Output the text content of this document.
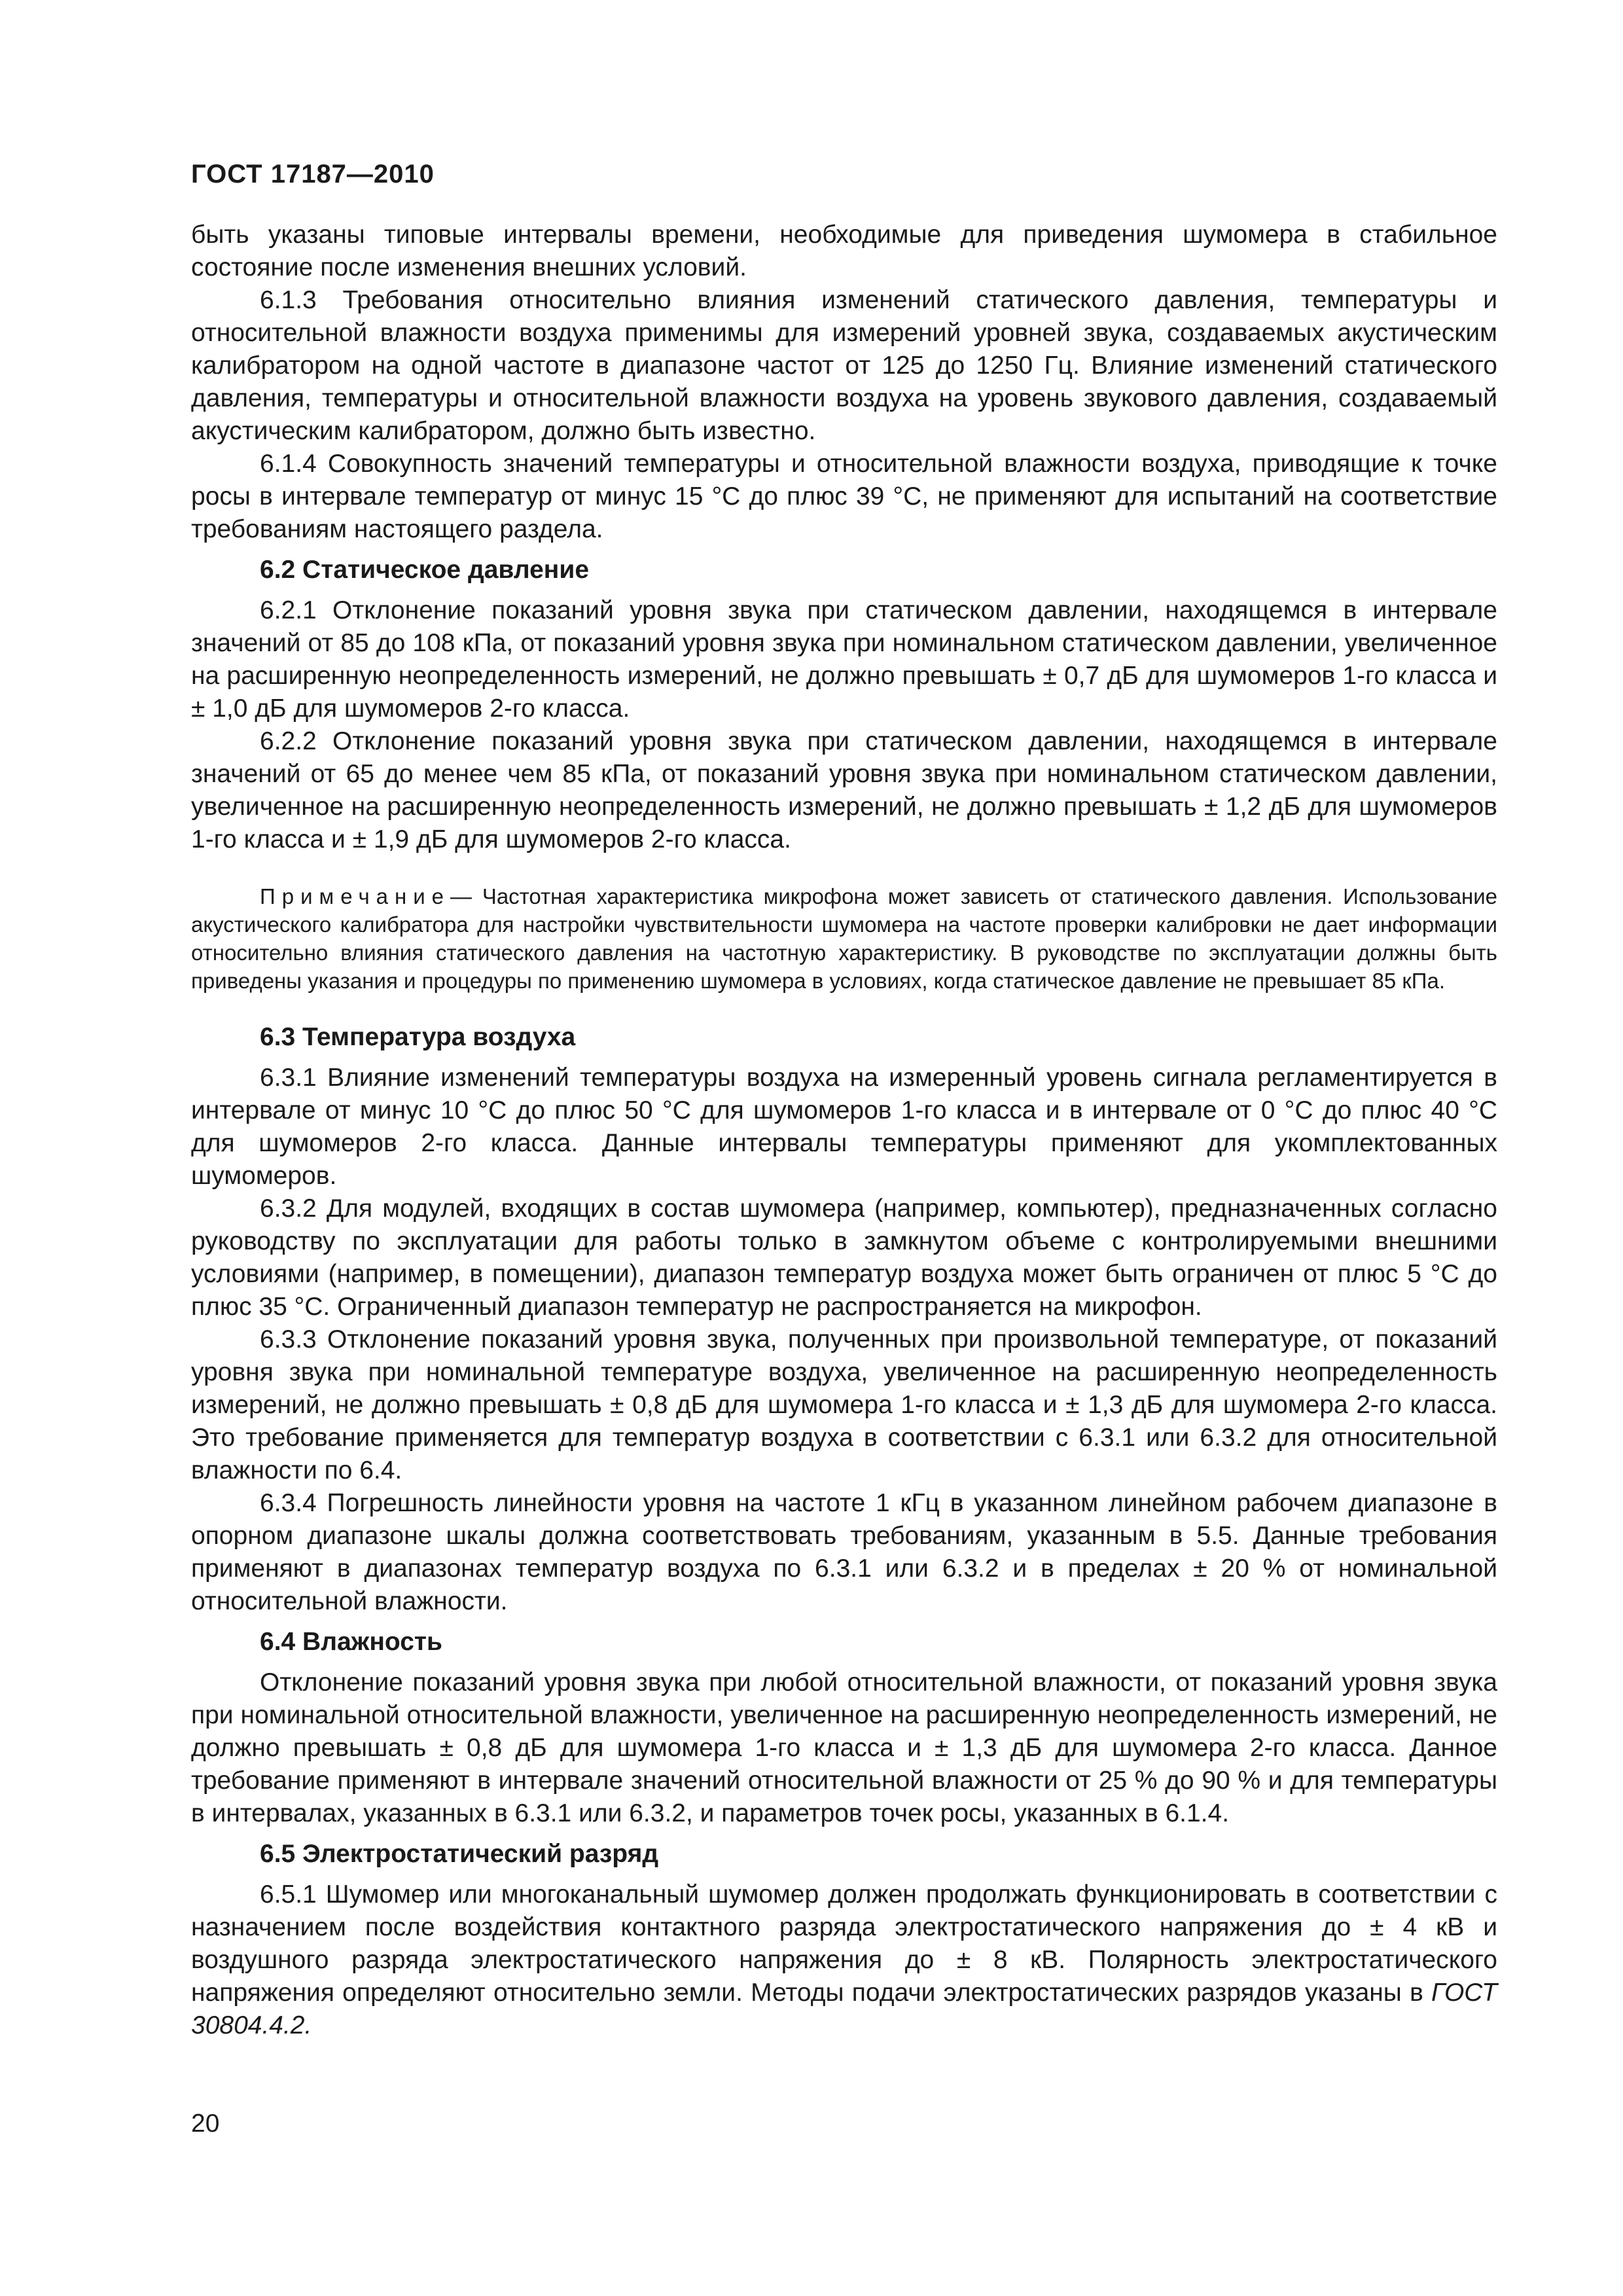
ГОСТ 17187—2010

быть указаны типовые интервалы времени, необходимые для приведения шумомера в стабильное состояние после изменения внешних условий.

6.1.3 Требования относительно влияния изменений статического давления, температуры и относительной влажности воздуха применимы для измерений уровней звука, создаваемых акустическим калибратором на одной частоте в диапазоне частот от 125 до 1250 Гц. Влияние изменений статического давления, температуры и относительной влажности воздуха на уровень звукового давления, создаваемый акустическим калибратором, должно быть известно.

6.1.4 Совокупность значений температуры и относительной влажности воздуха, приводящие к точке росы в интервале температур от минус 15 °С до плюс 39 °С, не применяют для испытаний на соответствие требованиям настоящего раздела.

6.2 Статическое давление

6.2.1 Отклонение показаний уровня звука при статическом давлении, находящемся в интервале значений от 85 до 108 кПа, от показаний уровня звука при номинальном статическом давлении, увеличенное на расширенную неопределенность измерений, не должно превышать ± 0,7 дБ для шумомеров 1-го класса и ± 1,0 дБ для шумомеров 2-го класса.

6.2.2 Отклонение показаний уровня звука при статическом давлении, находящемся в интервале значений от 65 до менее чем 85 кПа, от показаний уровня звука при номинальном статическом давлении, увеличенное на расширенную неопределенность измерений, не должно превышать ± 1,2 дБ для шумомеров 1-го класса и ± 1,9 дБ для шумомеров 2-го класса.

Примечание— Частотная характеристика микрофона может зависеть от статического давления. Использование акустического калибратора для настройки чувствительности шумомера на частоте проверки калибровки не дает информации относительно влияния статического давления на частотную характеристику. В руководстве по эксплуатации должны быть приведены указания и процедуры по применению шумомера в условиях, когда статическое давление не превышает 85 кПа.

6.3 Температура воздуха

6.3.1 Влияние изменений температуры воздуха на измеренный уровень сигнала регламентируется в интервале от минус 10 °С до плюс 50 °С для шумомеров 1-го класса и в интервале от 0 °С до плюс 40 °С для шумомеров 2-го класса. Данные интервалы температуры применяют для укомплектованных шумомеров.

6.3.2 Для модулей, входящих в состав шумомера (например, компьютер), предназначенных согласно руководству по эксплуатации для работы только в замкнутом объеме с контролируемыми внешними условиями (например, в помещении), диапазон температур воздуха может быть ограничен от плюс 5 °С до плюс 35 °С. Ограниченный диапазон температур не распространяется на микрофон.

6.3.3 Отклонение показаний уровня звука, полученных при произвольной температуре, от показаний уровня звука при номинальной температуре воздуха, увеличенное на расширенную неопределенность измерений, не должно превышать ± 0,8 дБ для шумомера 1-го класса и ± 1,3 дБ для шумомера 2-го класса. Это требование применяется для температур воздуха в соответствии с 6.3.1 или 6.3.2 для относительной влажности по 6.4.

6.3.4 Погрешность линейности уровня на частоте 1 кГц в указанном линейном рабочем диапазоне в опорном диапазоне шкалы должна соответствовать требованиям, указанным в 5.5. Данные требования применяют в диапазонах температур воздуха по 6.3.1 или 6.3.2 и в пределах ± 20 % от номинальной относительной влажности.

6.4 Влажность

Отклонение показаний уровня звука при любой относительной влажности, от показаний уровня звука при номинальной относительной влажности, увеличенное на расширенную неопределенность измерений, не должно превышать ± 0,8 дБ для шумомера 1-го класса и ± 1,3 дБ для шумомера 2-го класса. Данное требование применяют в интервале значений относительной влажности от 25 % до 90 % и для температуры в интервалах, указанных в 6.3.1 или 6.3.2, и параметров точек росы, указанных в 6.1.4.

6.5 Электростатический разряд

6.5.1 Шумомер или многоканальный шумомер должен продолжать функционировать в соответствии с назначением после воздействия контактного разряда электростатического напряжения до ± 4 кВ и воздушного разряда электростатического напряжения до ± 8 кВ. Полярность электростатического напряжения определяют относительно земли. Методы подачи электростатических разрядов указаны в ГОСТ 30804.4.2.

20
